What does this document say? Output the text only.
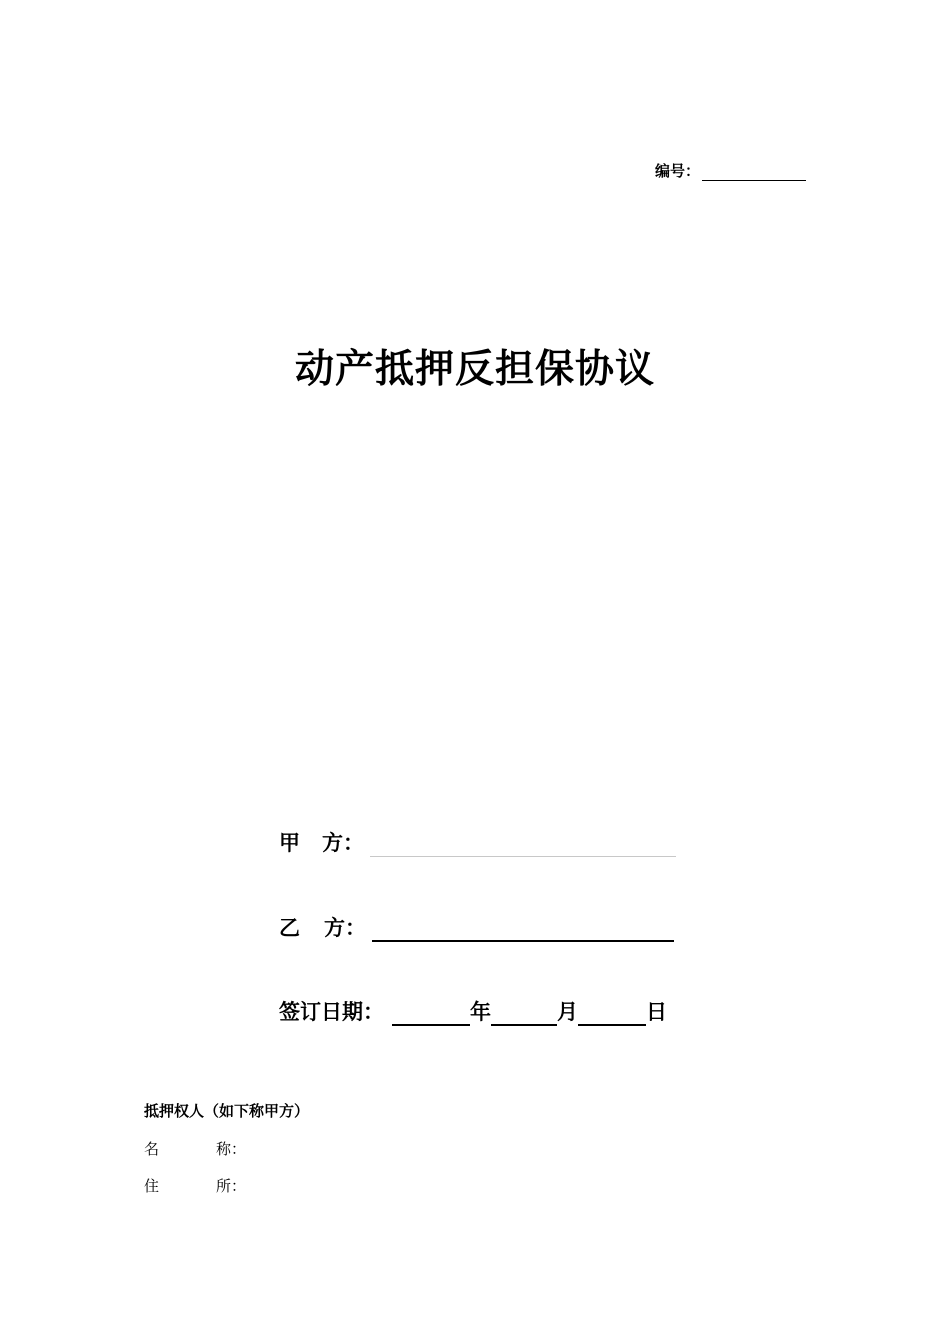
编号：
动产抵押反担保协议
甲 方：
乙 方：
签订日期：	年	月	日
抵押权人（如下称甲方）
名	称：
住	所：
